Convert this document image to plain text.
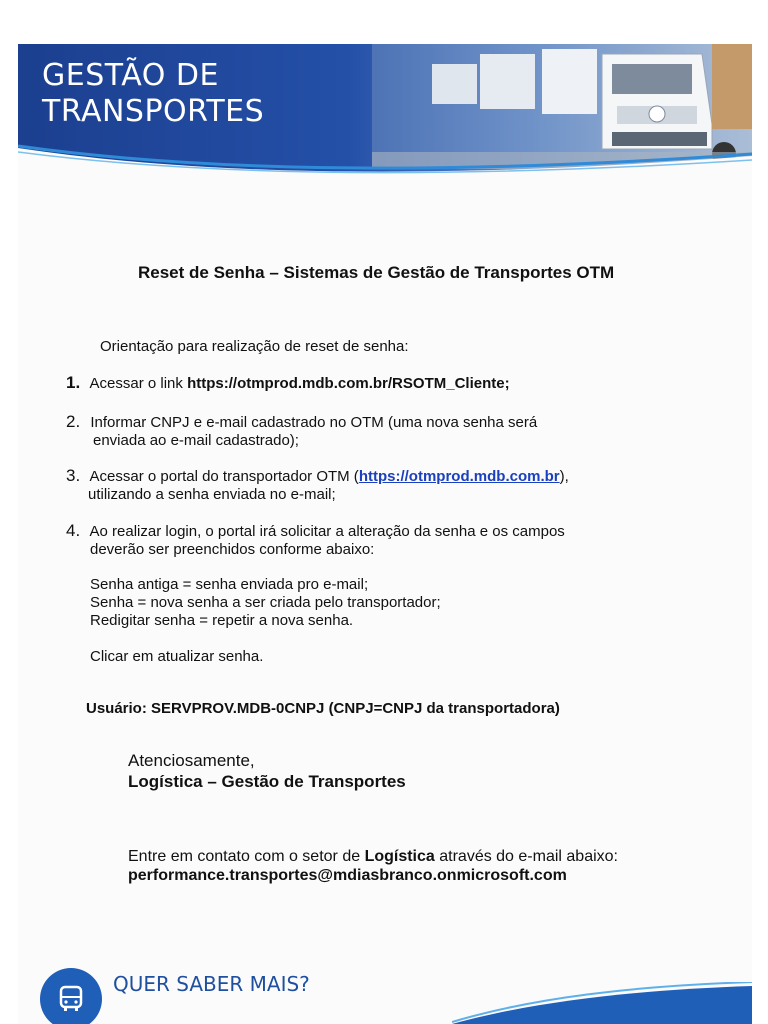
GESTÃO DE
TRANSPORTES
Reset de Senha – Sistemas de Gestão de Transportes OTM
Orientação para realização de reset de senha:
1. Acessar o link https://otmprod.mdb.com.br/RSOTM_Cliente;
2. Informar CNPJ e e-mail cadastrado no OTM (uma nova senha será
enviada ao e-mail cadastrado);
3. Acessar o portal do transportador OTM (https://otmprod.mdb.com.br),
utilizando a senha enviada no e-mail;
4. Ao realizar login, o portal irá solicitar a alteração da senha e os campos
deverão ser preenchidos conforme abaixo:
Senha antiga = senha enviada pro e-mail;
Senha = nova senha a ser criada pelo transportador;
Redigitar senha = repetir a nova senha.
Clicar em atualizar senha.
Usuário: SERVPROV.MDB-0CNPJ (CNPJ=CNPJ da transportadora)
Atenciosamente,
Logística – Gestão de Transportes
Entre em contato com o setor de Logística através do e-mail abaixo:
performance.transportes@mdiasbranco.onmicrosoft.com
QUER SABER MAIS?
